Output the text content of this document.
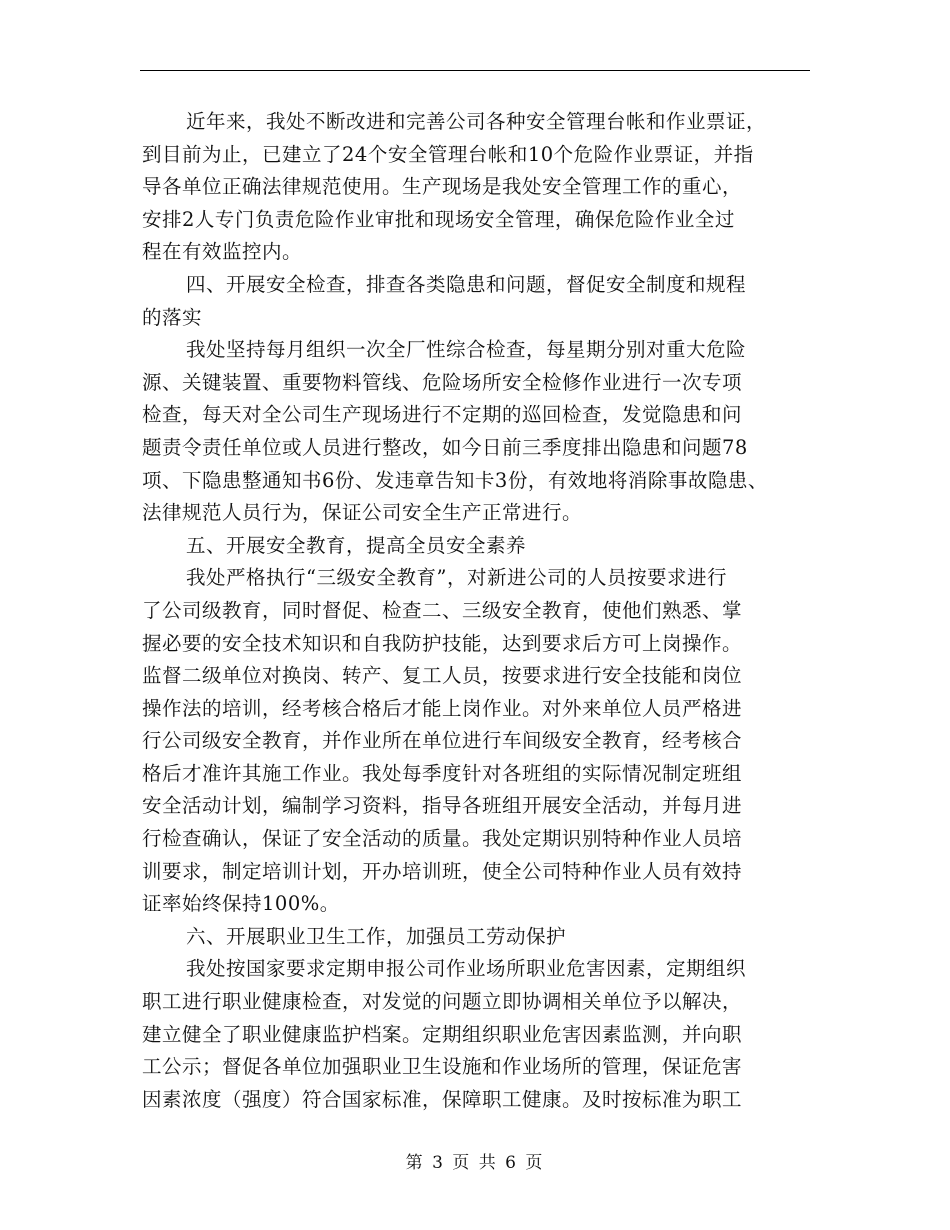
近年来，我处不断改进和完善公司各种安全管理台帐和作业票证，
到目前为止，已建立了24个安全管理台帐和10个危险作业票证，并指
导各单位正确法律规范使用。生产现场是我处安全管理工作的重心，
安排2人专门负责危险作业审批和现场安全管理，确保危险作业全过
程在有效监控内。
四、开展安全检查，排查各类隐患和问题，督促安全制度和规程
的落实
我处坚持每月组织一次全厂性综合检查，每星期分别对重大危险
源、关键装置、重要物料管线、危险场所安全检修作业进行一次专项
检查，每天对全公司生产现场进行不定期的巡回检查，发觉隐患和问
题责令责任单位或人员进行整改，如今日前三季度排出隐患和问题78
项、下隐患整通知书6份、发违章告知卡3份，有效地将消除事故隐患、
法律规范人员行为，保证公司安全生产正常进行。
五、开展安全教育，提高全员安全素养
我处严格执行“三级安全教育”，对新进公司的人员按要求进行
了公司级教育，同时督促、检查二、三级安全教育，使他们熟悉、掌
握必要的安全技术知识和自我防护技能，达到要求后方可上岗操作。
监督二级单位对换岗、转产、复工人员，按要求进行安全技能和岗位
操作法的培训，经考核合格后才能上岗作业。对外来单位人员严格进
行公司级安全教育，并作业所在单位进行车间级安全教育，经考核合
格后才准许其施工作业。我处每季度针对各班组的实际情况制定班组
安全活动计划，编制学习资料，指导各班组开展安全活动，并每月进
行检查确认，保证了安全活动的质量。我处定期识别特种作业人员培
训要求，制定培训计划，开办培训班，使全公司特种作业人员有效持
证率始终保持100%。
六、开展职业卫生工作，加强员工劳动保护
我处按国家要求定期申报公司作业场所职业危害因素，定期组织
职工进行职业健康检查，对发觉的问题立即协调相关单位予以解决，
建立健全了职业健康监护档案。定期组织职业危害因素监测，并向职
工公示；督促各单位加强职业卫生设施和作业场所的管理，保证危害
因素浓度（强度）符合国家标准，保障职工健康。及时按标准为职工
第 3 页 共 6 页
